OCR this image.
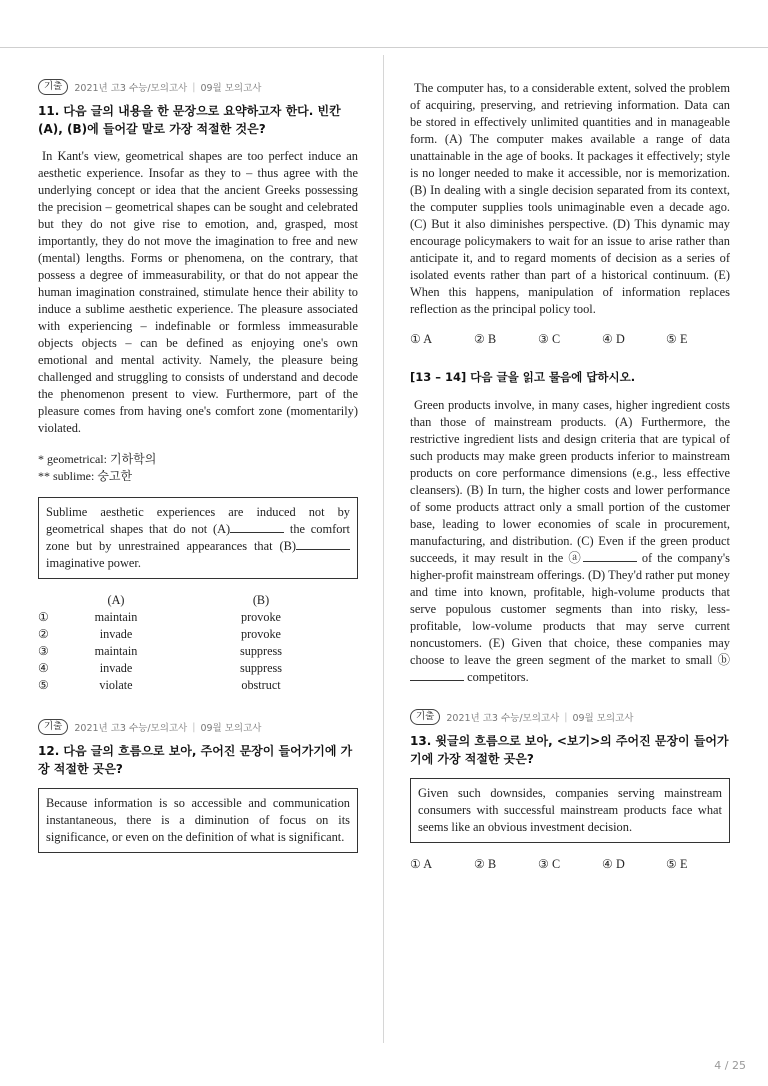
기출	2021년 고3 수능/모의고사 | 09월 모의고사
11. 다음 글의 내용을 한 문장으로 요약하고자 한다. 빈칸 (A), (B)에 들어갈 말로 가장 적절한 것은?

In Kant's view, geometrical shapes are too perfect induce an aesthetic experience. Insofar as they to – thus agree with the underlying concept or idea that the ancient Greeks possessing the precision – geometrical shapes can be sought and celebrated but they do not give rise to emotion, and, grasped, most importantly, they do not move the imagination to free and new (mental) lengths. Forms or phenomena, on the contrary, that possess a degree of immeasurability, or that do not appear the human imagination constrained, stimulate hence their ability to induce a sublime aesthetic experience. The pleasure associated with experiencing – indefinable or formless immeasurable objects objects – can be defined as enjoying one's own emotional and mental activity. Namely, the pleasure being challenged and struggling to consists of understand and decode the phenomenon present to view. Furthermore, part of the pleasure comes from having one's comfort zone (momentarily) violated.

* geometrical: 기하학의
** sublime: 숭고한
Sublime aesthetic experiences are induced not by geometrical shapes that do not (A)	the comfort zone but by unrestrained appearances that (B) imaginative power.
	(A)	(B)
①	maintain	provoke
②	invade	provoke
③	maintain	suppress
④	invade	suppress
⑤	violate	obstruct
기출	2021년 고3 수능/모의고사 | 09월 모의고사
12. 다음 글의 흐름으로 보아, 주어진 문장이 들어가기에 가장 적절한 곳은?
Because information is so accessible and communication instantaneous, there is a diminution of focus on its significance, or even on the definition of what is significant.

The computer has, to a considerable extent, solved the problem of acquiring, preserving, and retrieving information. Data can be stored in effectively unlimited quantities and in manageable form. (A) The computer makes available a range of data unattainable in the age of books. It packages it effectively; style is no longer needed to make it accessible, nor is memorization. (B) In dealing with a single decision separated from its context, the computer supplies tools unimaginable even a decade ago. (C) But it also diminishes perspective. (D) This dynamic may encourage policymakers to wait for an issue to arise rather than anticipate it, and to regard moments of decision as a series of isolated events rather than part of a historical continuum. (E) When this happens, manipulation of information replaces reflection as the principal policy tool.

① A	② B	③ C	④ D	⑤ E
[13 – 14] 다음 글을 읽고 물음에 답하시오.

Green products involve, in many cases, higher ingredient costs than those of mainstream products. (A) Furthermore, the restrictive ingredient lists and design criteria that are typical of such products may make green products inferior to mainstream products on core performance dimensions (e.g., less effective cleansers). (B) In turn, the higher costs and lower performance of some products attract only a small portion of the customer base, leading to lower economies of scale in procurement, manufacturing, and distribution. (C) Even if the green product succeeds, it may result in the ⓐ	of the company's higher-profit mainstream offerings. (D) They'd rather put money and time into known, profitable, high-volume products that serve populous customer segments than into risky, less-profitable, low-volume products that may serve current noncustomers. (E) Given that choice, these companies may choose to leave the green segment of the market to small ⓑ competitors.

기출	2021년 고3 수능/모의고사 | 09월 모의고사
13. 윗글의 흐름으로 보아, <보기>의 주어진 문장이 들어가기에 가장 적절한 곳은?
Given such downsides, companies serving mainstream consumers with successful mainstream products face what seems like an obvious investment decision.
① A	② B	③ C	④ D	⑤ E
4 / 25
